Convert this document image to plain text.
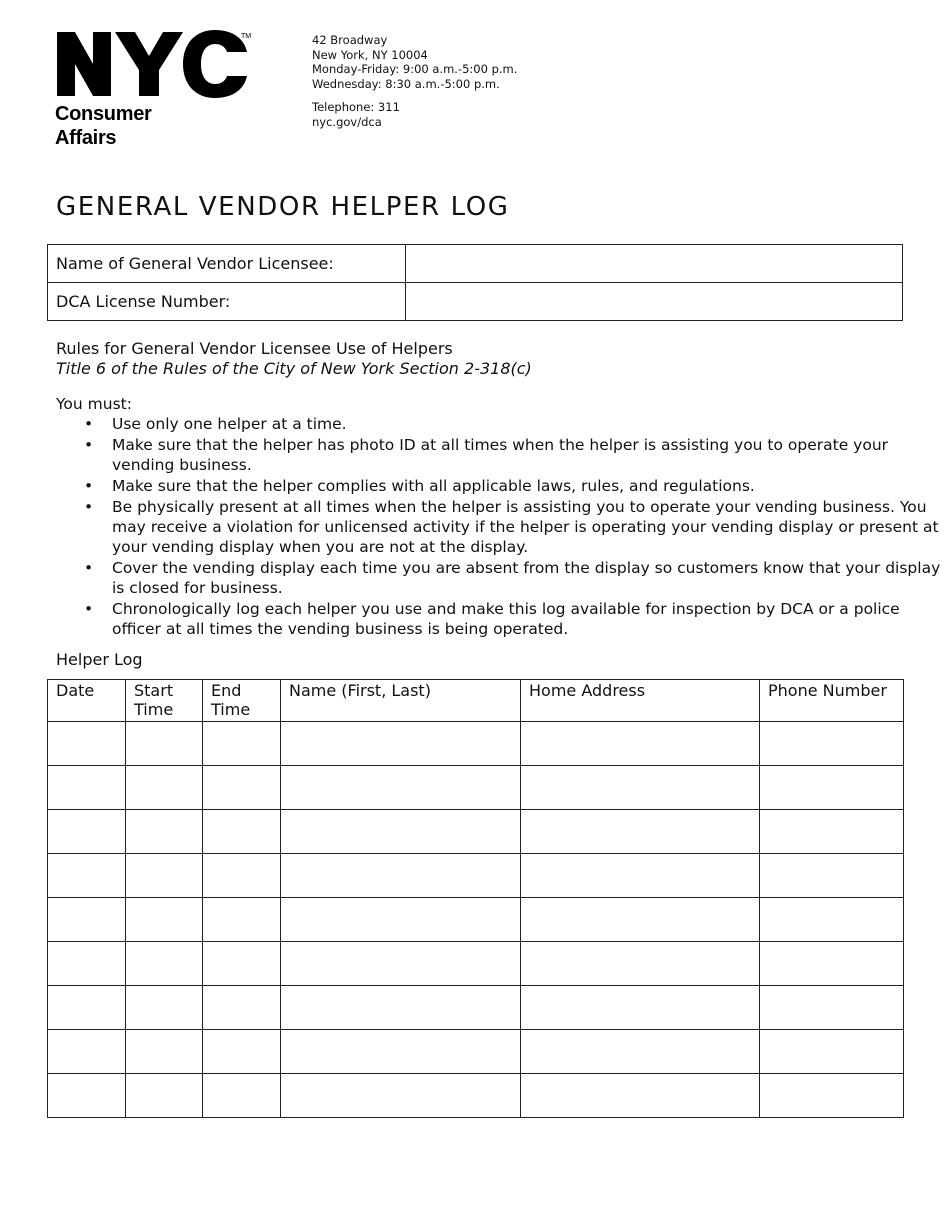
TM
Consumer
Affairs
42 Broadway
New York, NY 10004
Monday-Friday: 9:00 a.m.-5:00 p.m.
Wednesday: 8:30 a.m.-5:00 p.m.
Telephone: 311
nyc.gov/dca
GENERAL VENDOR HELPER LOG
Name of General Vendor Licensee:	
DCA License Number:	
Rules for General Vendor Licensee Use of Helpers
Title 6 of the Rules of the City of New York Section 2-318(c)
You must:
• Use only one helper at a time.
• Make sure that the helper has photo ID at all times when the helper is assisting you to operate your vending business.
• Make sure that the helper complies with all applicable laws, rules, and regulations.
• Be physically present at all times when the helper is assisting you to operate your vending business. You may receive a violation for unlicensed activity if the helper is operating your vending display or present at your vending display when you are not at the display.
• Cover the vending display each time you are absent from the display so customers know that your display is closed for business.
• Chronologically log each helper you use and make this log available for inspection by DCA or a police officer at all times the vending business is being operated.
Helper Log
Date	Start Time	End Time	Name (First, Last)	Home Address	Phone Number
